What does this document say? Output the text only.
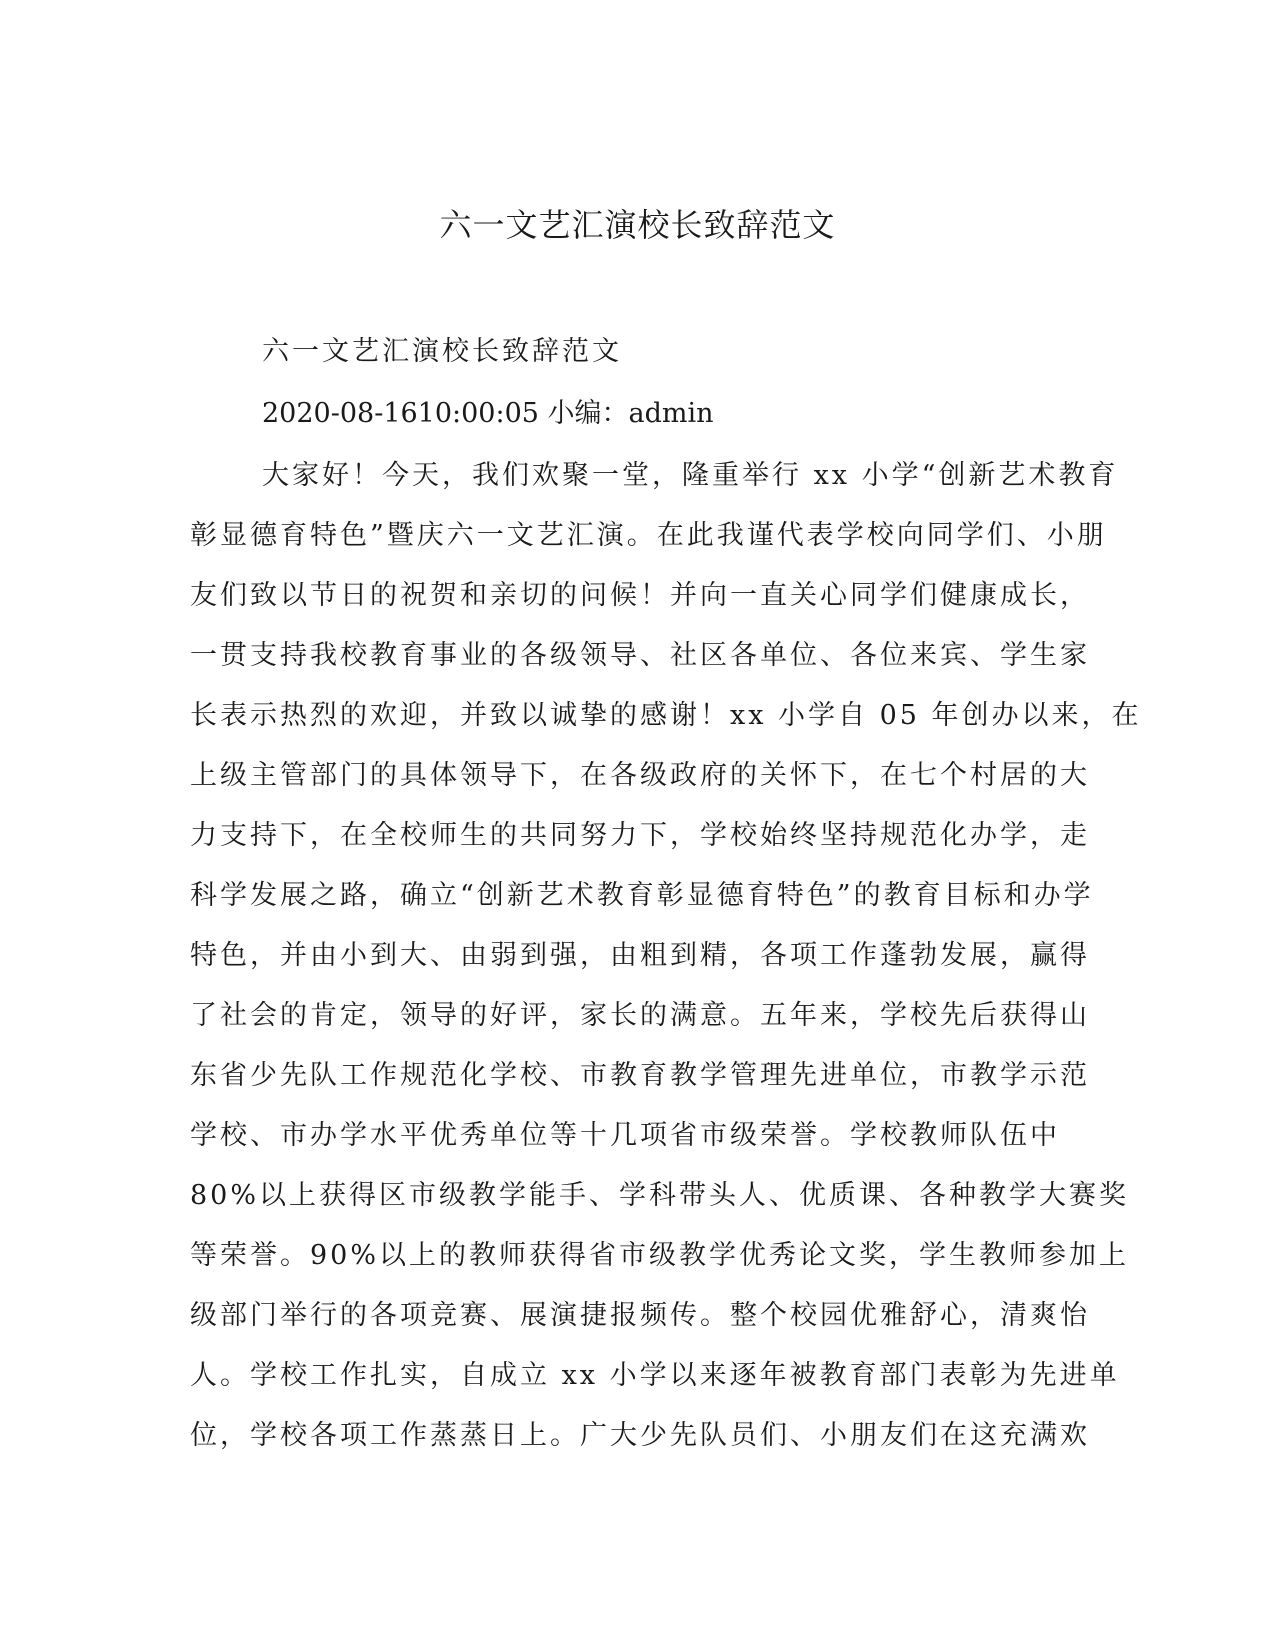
六一文艺汇演校长致辞范文

六一文艺汇演校长致辞范文

2020-08-1610:00:05 小编：admin

大家好！今天，我们欢聚一堂，隆重举行 xx 小学“创新艺术教育
彰显德育特色”暨庆六一文艺汇演。在此我谨代表学校向同学们、小朋
友们致以节日的祝贺和亲切的问候！并向一直关心同学们健康成长，
一贯支持我校教育事业的各级领导、社区各单位、各位来宾、学生家
长表示热烈的欢迎，并致以诚挚的感谢！xx 小学自 05 年创办以来，在
上级主管部门的具体领导下，在各级政府的关怀下，在七个村居的大
力支持下，在全校师生的共同努力下，学校始终坚持规范化办学，走
科学发展之路，确立“创新艺术教育彰显德育特色”的教育目标和办学
特色，并由小到大、由弱到强，由粗到精，各项工作蓬勃发展，赢得
了社会的肯定，领导的好评，家长的满意。五年来，学校先后获得山
东省少先队工作规范化学校、市教育教学管理先进单位，市教学示范
学校、市办学水平优秀单位等十几项省市级荣誉。学校教师队伍中
80%以上获得区市级教学能手、学科带头人、优质课、各种教学大赛奖
等荣誉。90%以上的教师获得省市级教学优秀论文奖，学生教师参加上
级部门举行的各项竞赛、展演捷报频传。整个校园优雅舒心，清爽怡
人。学校工作扎实，自成立 xx 小学以来逐年被教育部门表彰为先进单
位，学校各项工作蒸蒸日上。广大少先队员们、小朋友们在这充满欢
